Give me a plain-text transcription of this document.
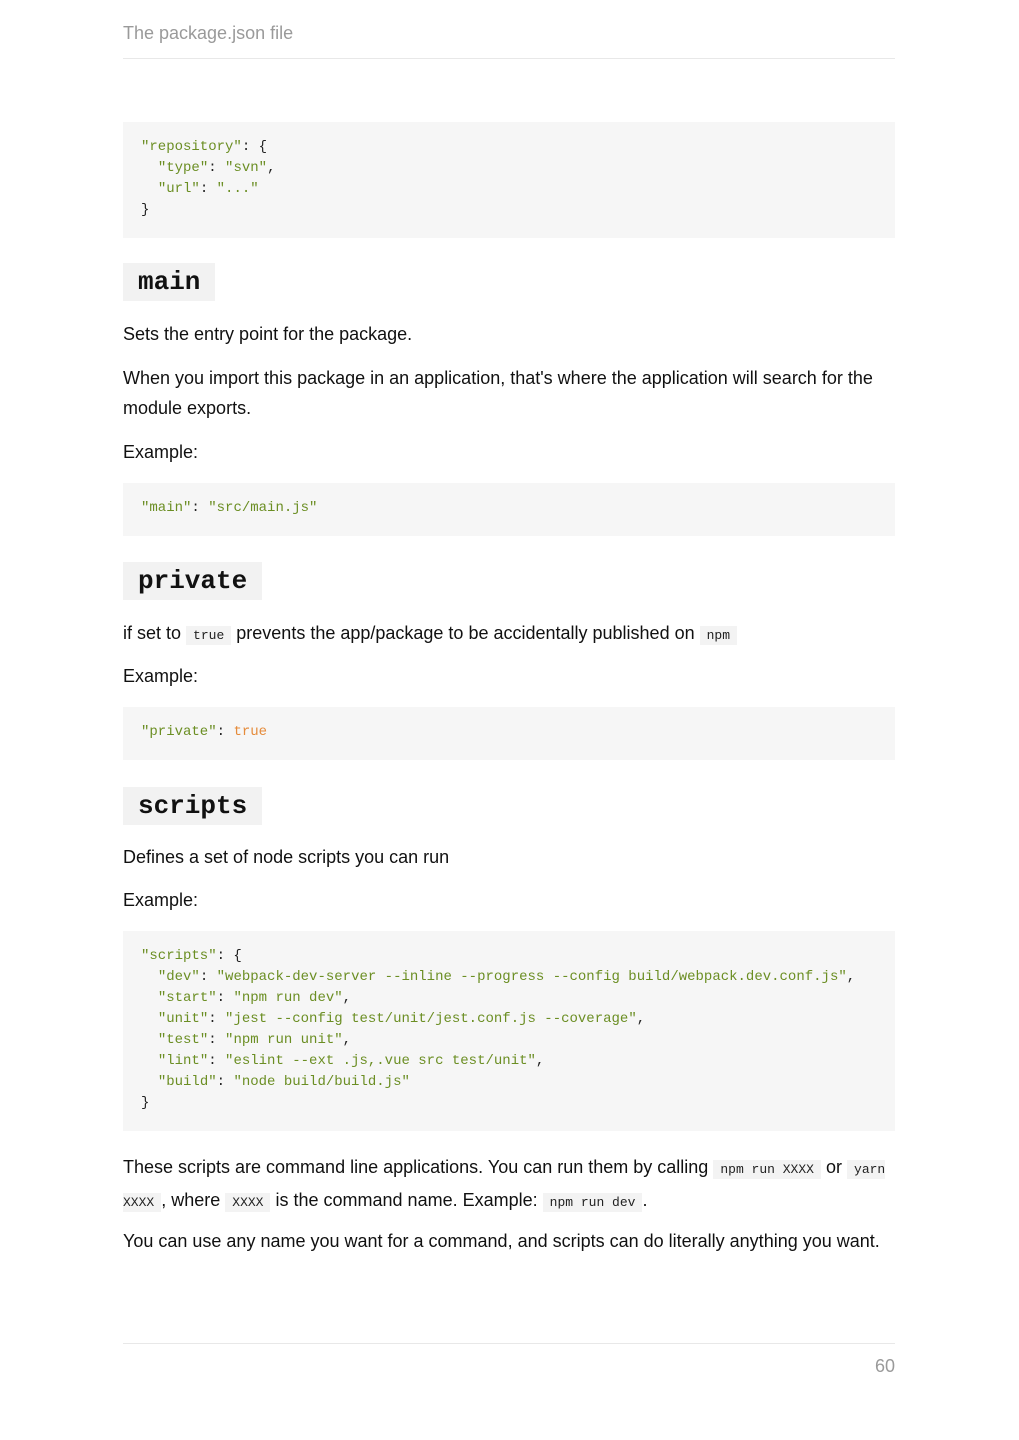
The package.json file
"repository": {
"type": "svn",
"url": "..."
}
main
Sets the entry point for the package.
When you import this package in an application, that's where the application will search for the module exports.
Example:
"main": "src/main.js"
private
if set to true prevents the app/package to be accidentally published on npm
Example:
"private": true
scripts
Defines a set of node scripts you can run
Example:
"scripts": {
"dev": "webpack-dev-server --inline --progress --config build/webpack.dev.conf.js",
"start": "npm run dev",
"unit": "jest --config test/unit/jest.conf.js --coverage",
"test": "npm run unit",
"lint": "eslint --ext .js,.vue src test/unit",
"build": "node build/build.js"
}
These scripts are command line applications. You can run them by calling npm run XXXX or yarn XXXX , where XXXX is the command name. Example: npm run dev .
You can use any name you want for a command, and scripts can do literally anything you want.
60
